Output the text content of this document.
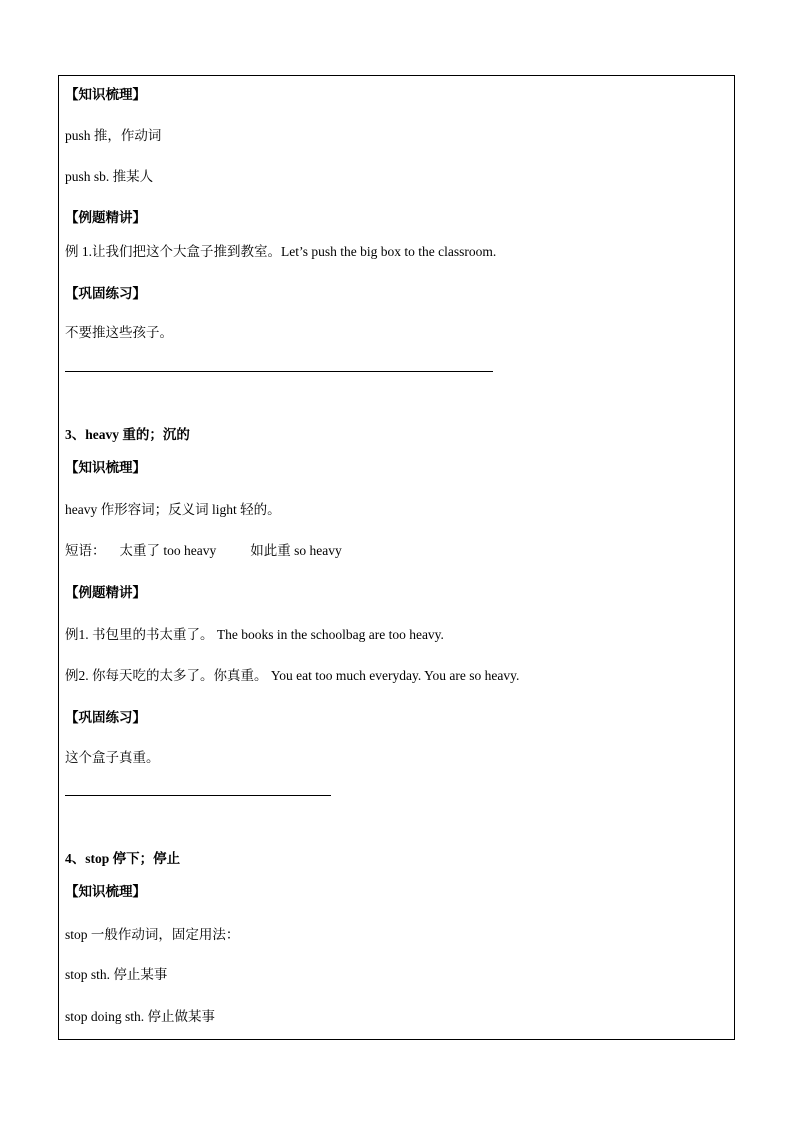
【知识梳理】
push 推，作动词
push sb. 推某人
【例题精讲】
例 1.让我们把这个大盒子推到教室。Let’s push the big box to the classroom.
【巩固练习】
不要推这些孩子。
3、heavy 重的；沉的
【知识梳理】
heavy 作形容词；反义词 light 轻的。
短语： 太重了 too heavy	如此重 so heavy
【例题精讲】
例1. 书包里的书太重了。 The books in the schoolbag are too heavy.
例2. 你每天吃的太多了。你真重。 You eat too much everyday. You are so heavy.
【巩固练习】
这个盒子真重。
4、stop 停下；停止
【知识梳理】
stop 一般作动词，固定用法：
stop sth. 停止某事
stop doing sth. 停止做某事
